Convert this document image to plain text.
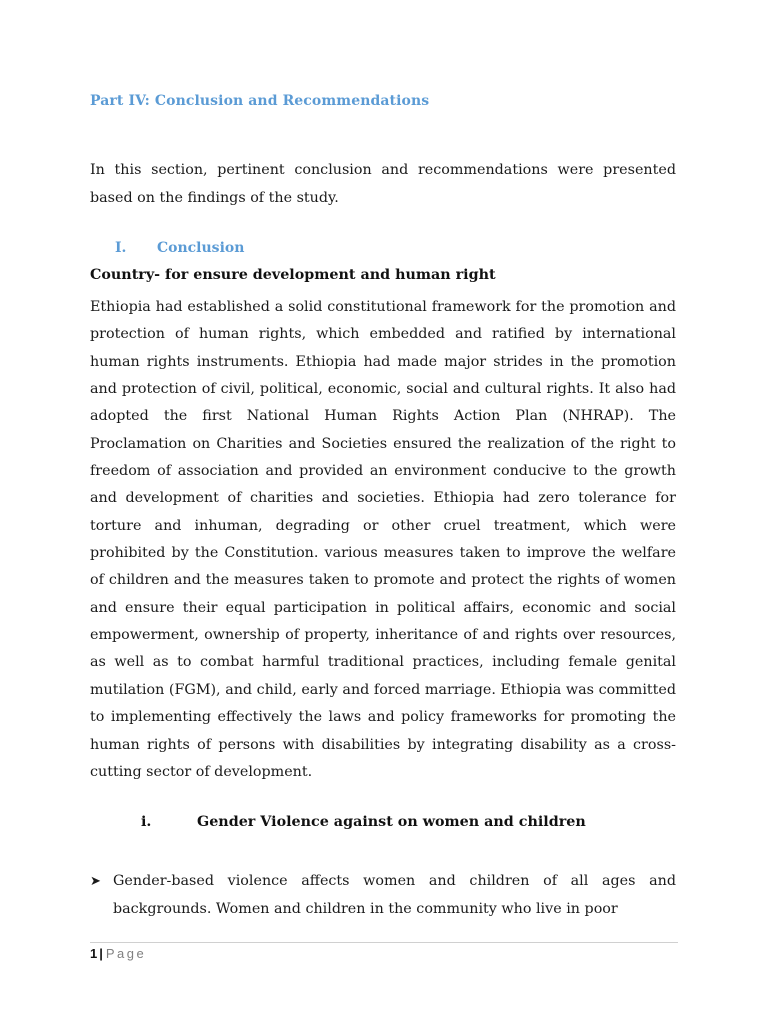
Part IV: Conclusion and Recommendations
In this section, pertinent conclusion and recommendations were presented based on the findings of the study.
I. Conclusion
Country- for ensure development and human right
Ethiopia had established a solid constitutional framework for the promotion and protection of human rights, which embedded and ratified by international human rights instruments. Ethiopia had made major strides in the promotion and protection of civil, political, economic, social and cultural rights. It also had adopted the first National Human Rights Action Plan (NHRAP). The Proclamation on Charities and Societies ensured the realization of the right to freedom of association and provided an environment conducive to the growth and development of charities and societies. Ethiopia had zero tolerance for torture and inhuman, degrading or other cruel treatment, which were prohibited by the Constitution. various measures taken to improve the welfare of children and the measures taken to promote and protect the rights of women and ensure their equal participation in political affairs, economic and social empowerment, ownership of property, inheritance of and rights over resources, as well as to combat harmful traditional practices, including female genital mutilation (FGM), and child, early and forced marriage. Ethiopia was committed to implementing effectively the laws and policy frameworks for promoting the human rights of persons with disabilities by integrating disability as a cross-cutting sector of development.
i.	Gender Violence against on women and children
➤ Gender-based violence affects women and children of all ages and backgrounds. Women and children in the community who live in poor
1 | Page
